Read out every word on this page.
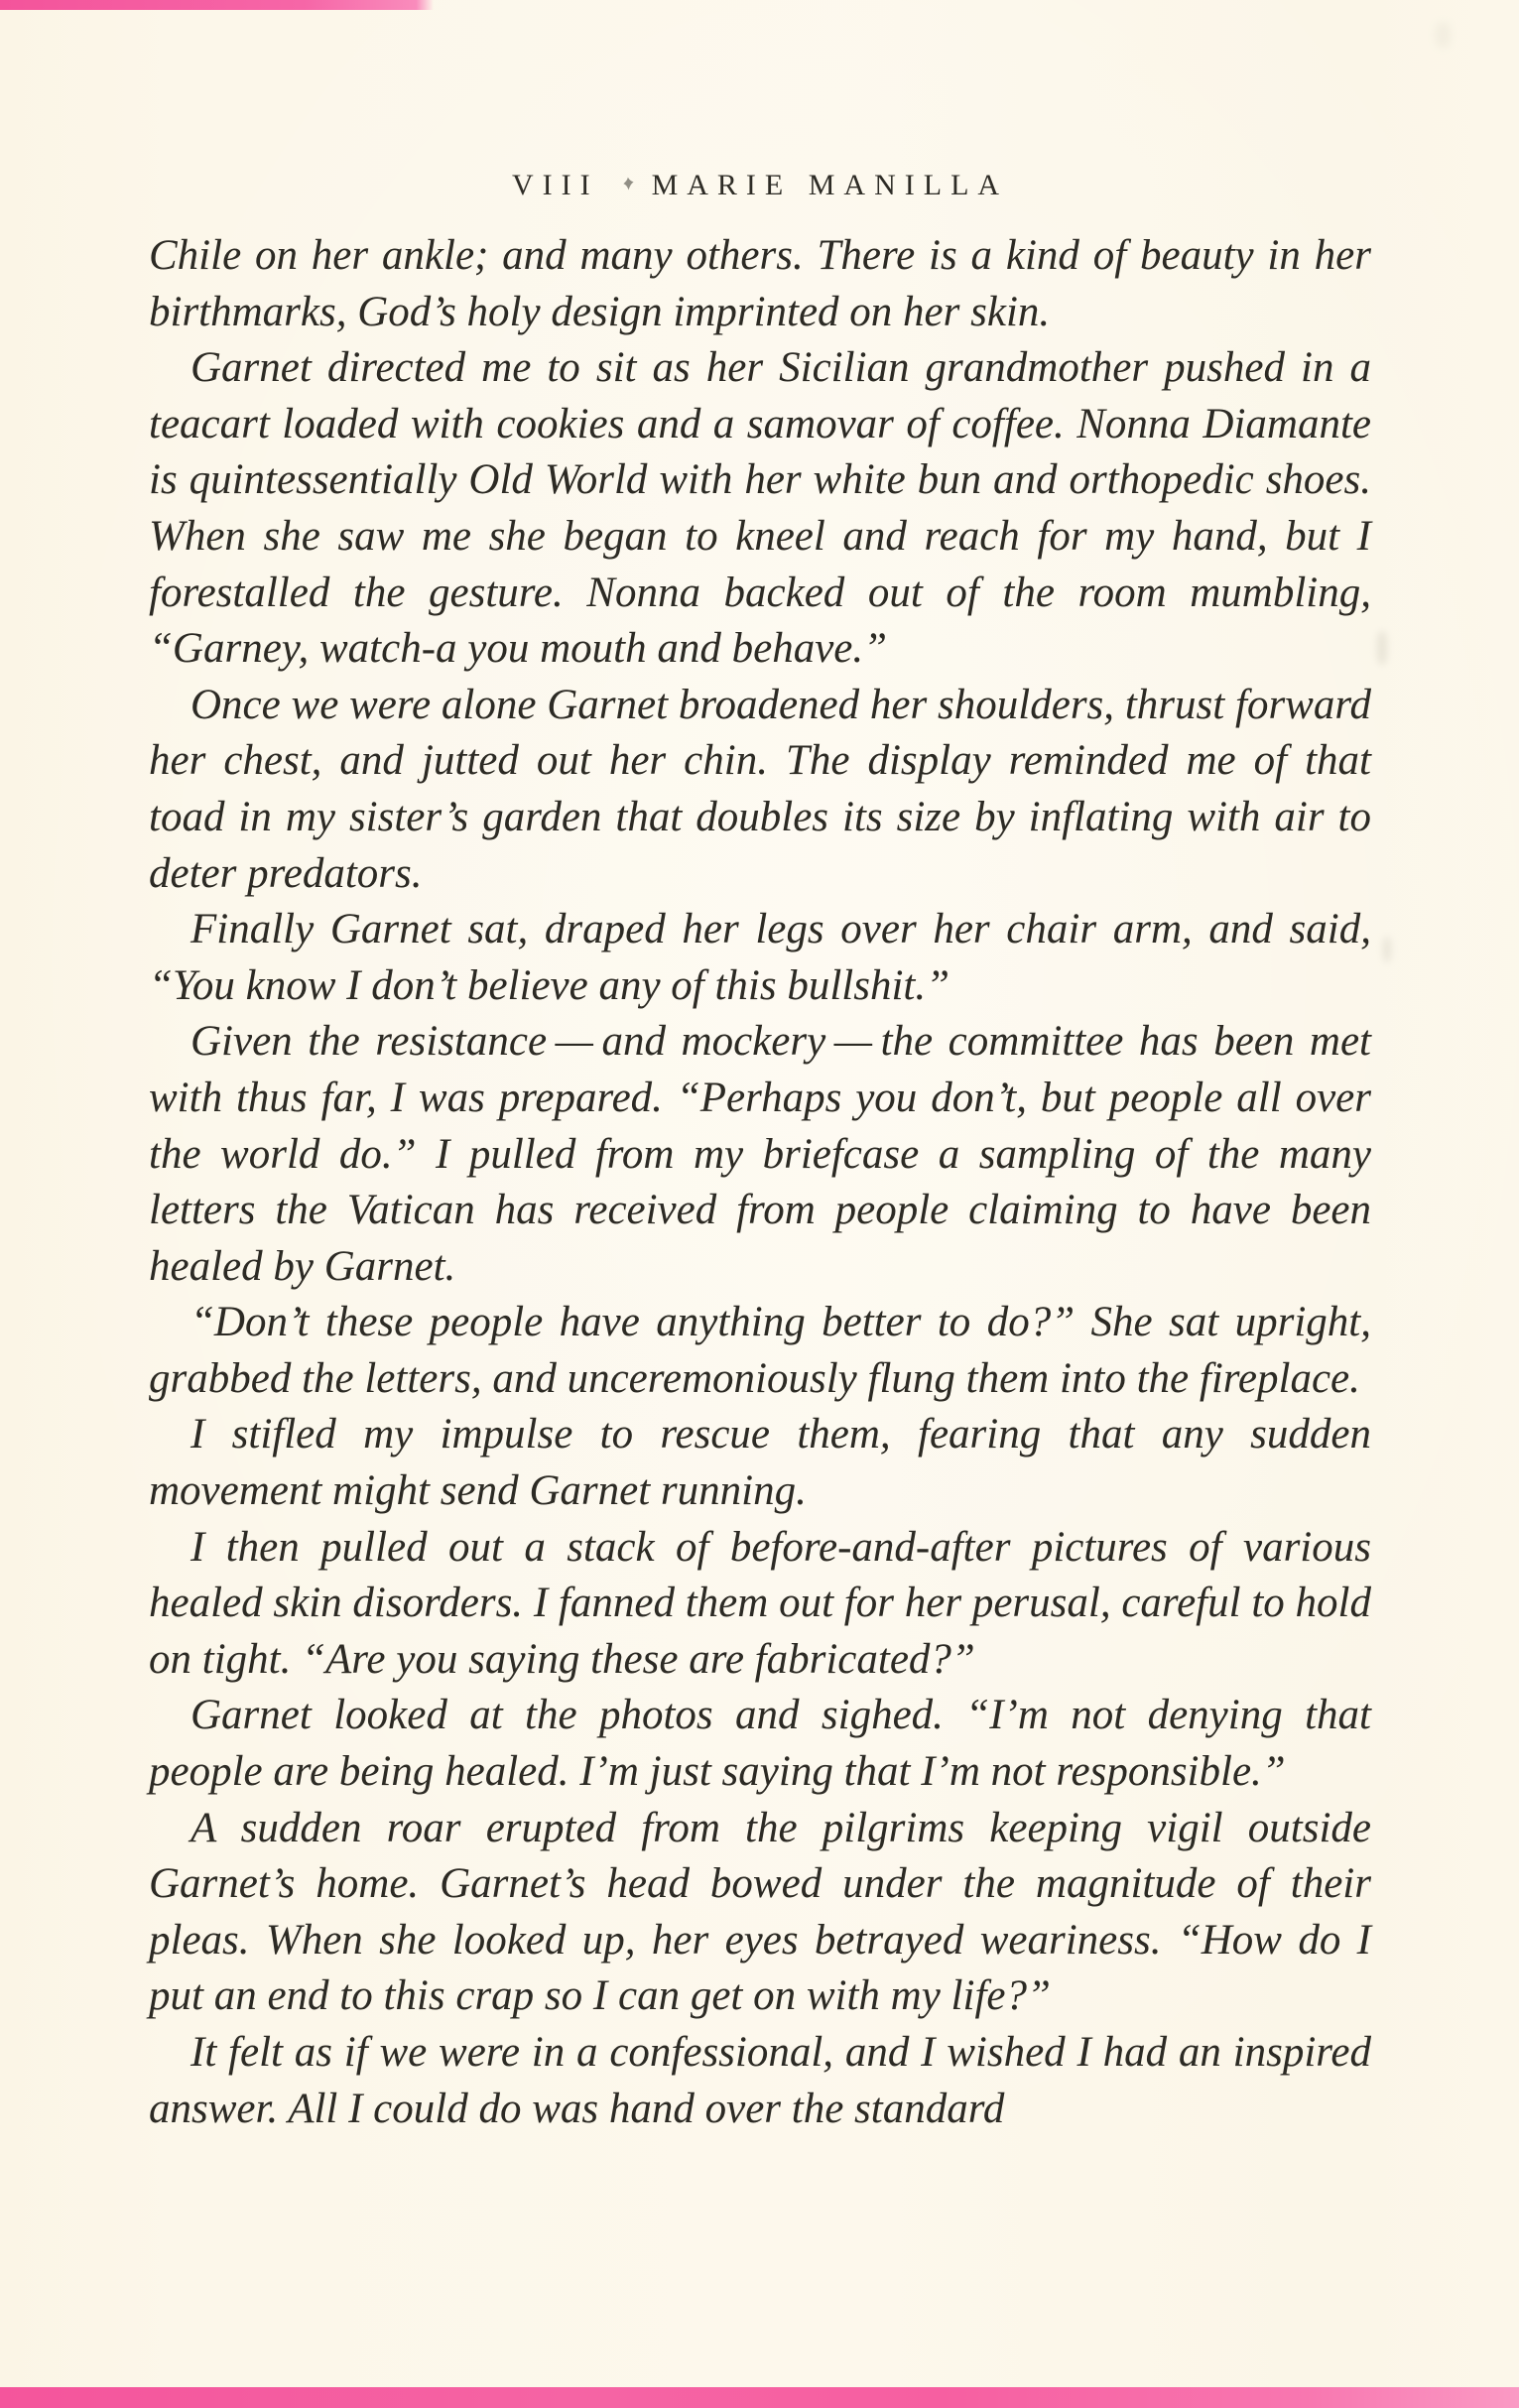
VIII MARIE MANILLA

Chile on her ankle; and many others. There is a kind of beauty in her birthmarks, God’s holy design imprinted on her skin.

Garnet directed me to sit as her Sicilian grandmother pushed in a teacart loaded with cookies and a samovar of coffee. Nonna Diamante is quintessentially Old World with her white bun and orthopedic shoes. When she saw me she began to kneel and reach for my hand, but I forestalled the gesture. Nonna backed out of the room mumbling, “Garney, watch-a you mouth and behave.”

Once we were alone Garnet broadened her shoulders, thrust forward her chest, and jutted out her chin. The display reminded me of that toad in my sister’s garden that doubles its size by inflating with air to deter predators.

Finally Garnet sat, draped her legs over her chair arm, and said, “You know I don’t believe any of this bullshit.”

Given the resistance — and mockery — the committee has been met with thus far, I was prepared. “Perhaps you don’t, but people all over the world do.” I pulled from my briefcase a sampling of the many letters the Vatican has received from people claiming to have been healed by Garnet.

“Don’t these people have anything better to do?” She sat upright, grabbed the letters, and unceremoniously flung them into the fireplace.

I stifled my impulse to rescue them, fearing that any sudden movement might send Garnet running.

I then pulled out a stack of before-and-after pictures of various healed skin disorders. I fanned them out for her perusal, careful to hold on tight. “Are you saying these are fabricated?”

Garnet looked at the photos and sighed. “I’m not denying that people are being healed. I’m just saying that I’m not responsible.”

A sudden roar erupted from the pilgrims keeping vigil outside Garnet’s home. Garnet’s head bowed under the magnitude of their pleas. When she looked up, her eyes betrayed weariness. “How do I put an end to this crap so I can get on with my life?”

It felt as if we were in a confessional, and I wished I had an inspired answer. All I could do was hand over the standard
